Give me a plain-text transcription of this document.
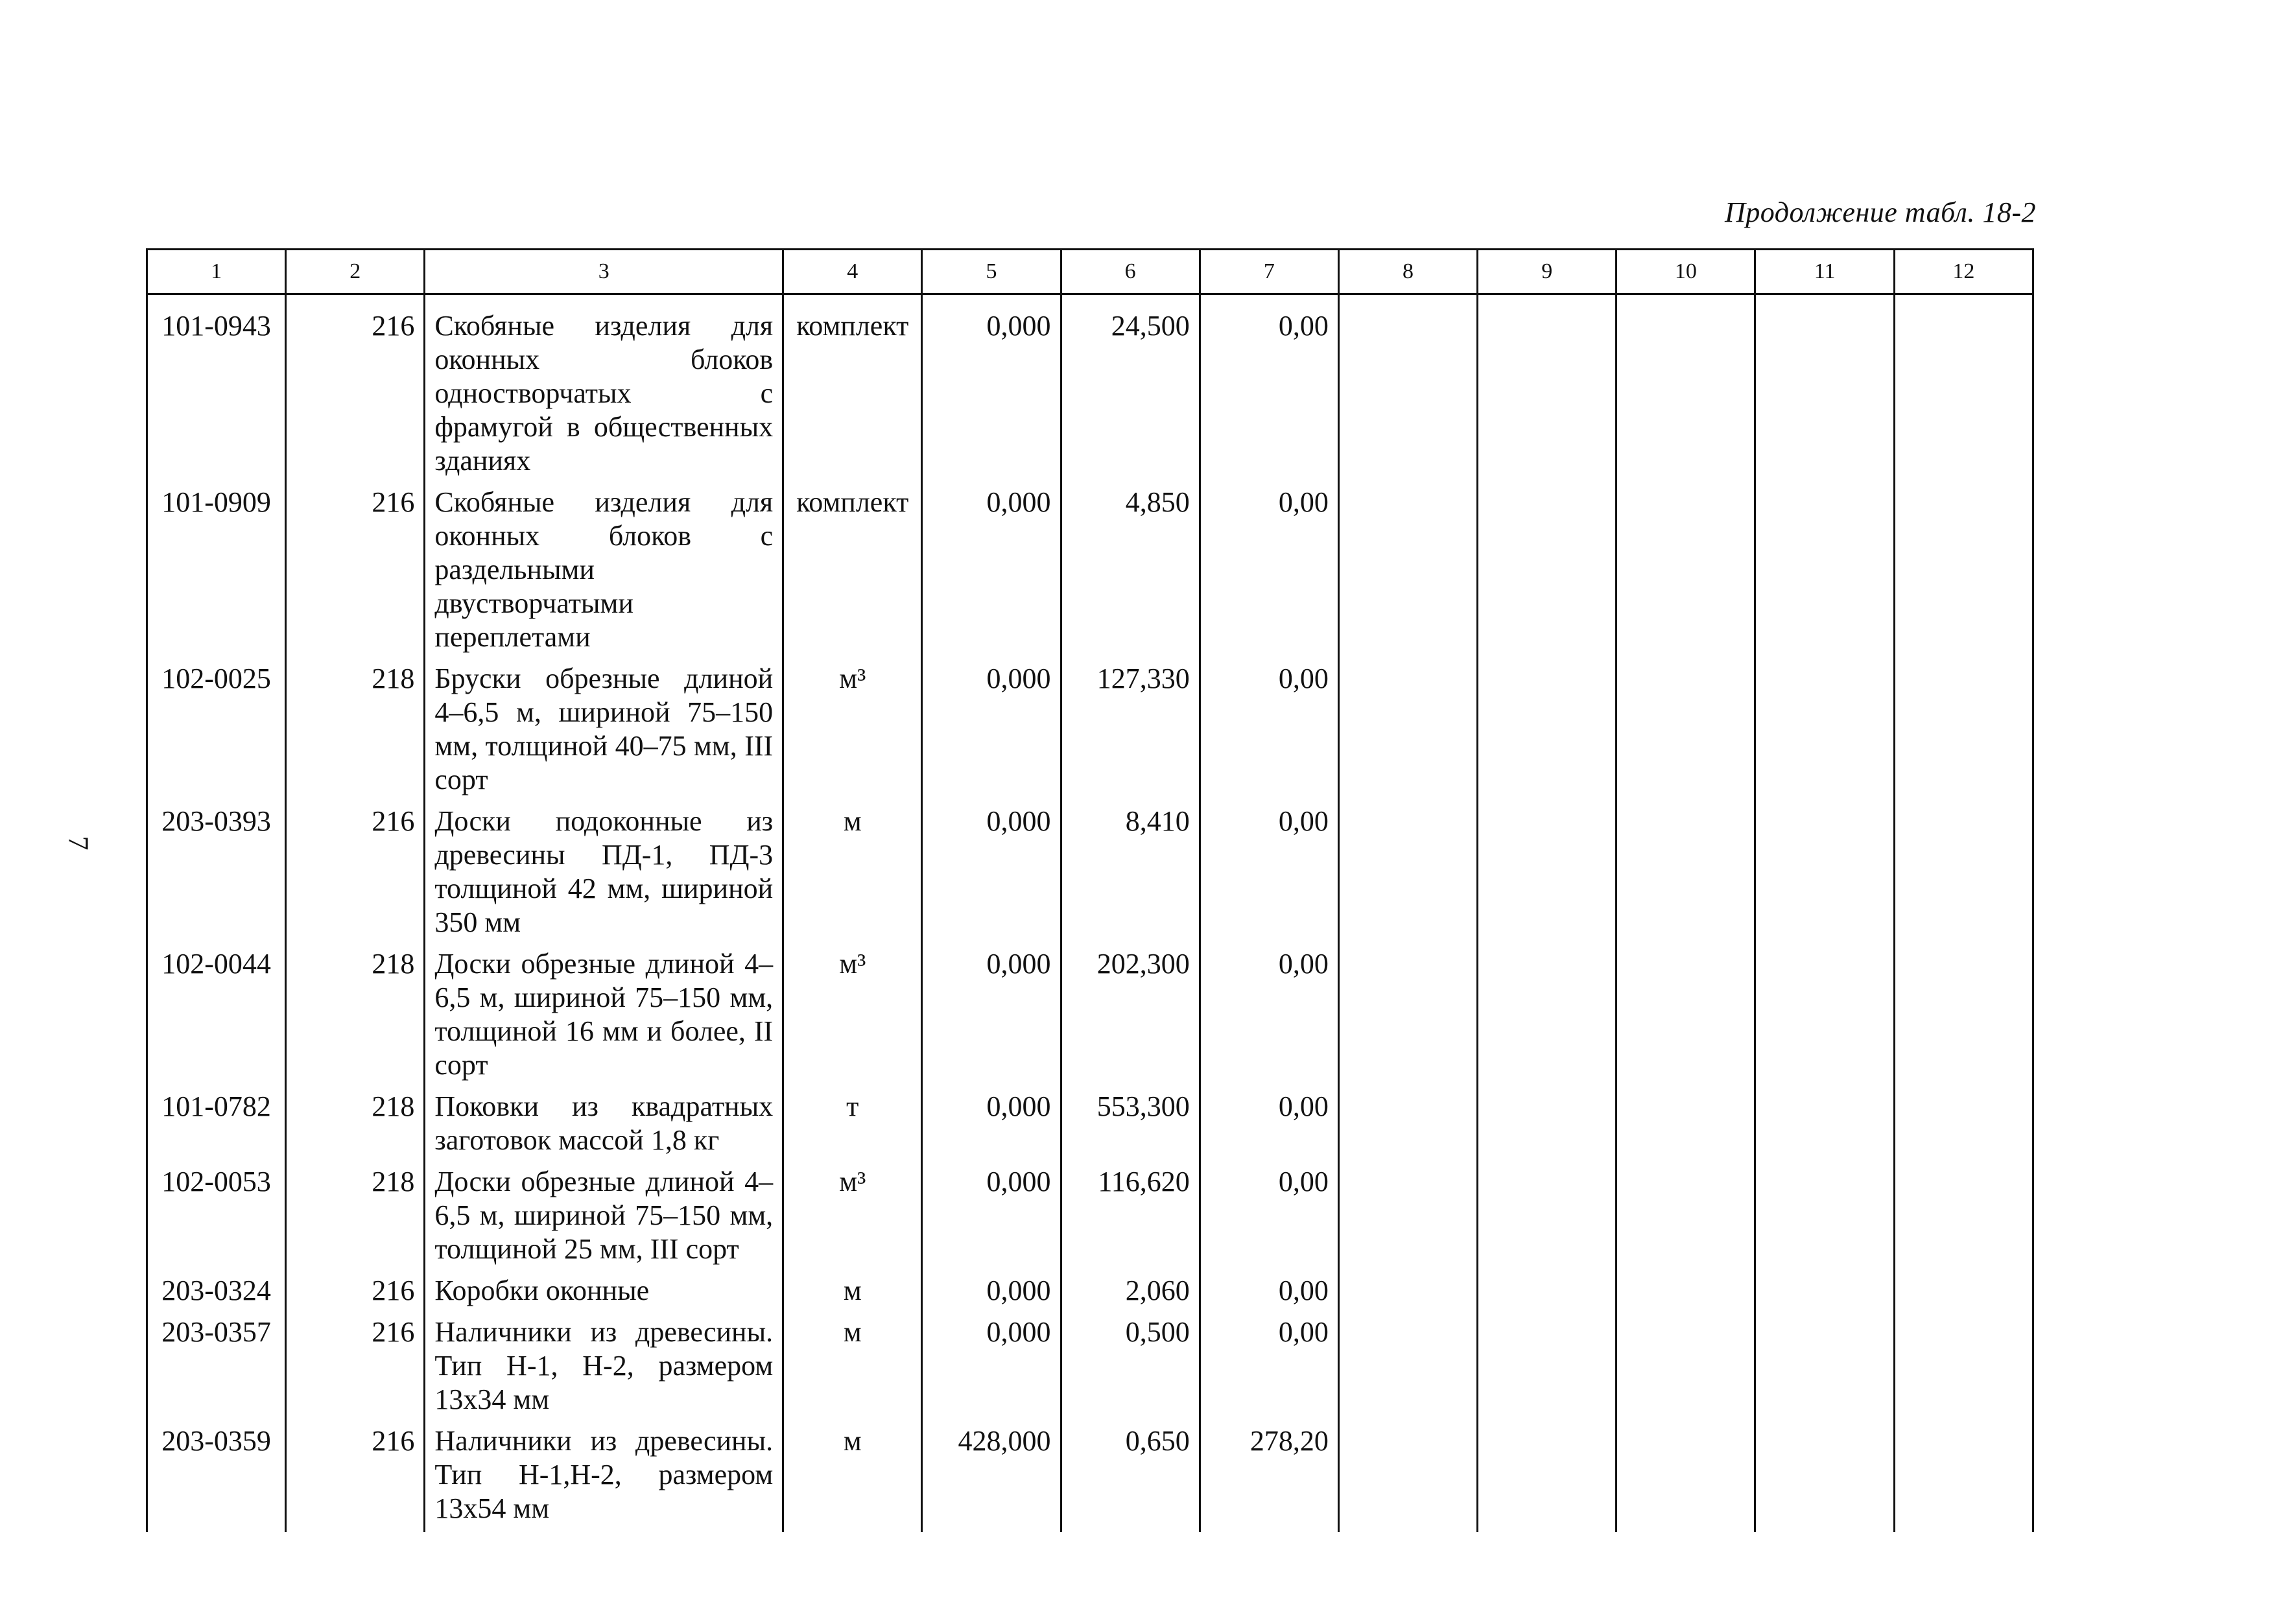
Продолжение табл. 18-2
7
1	2	3	4	5	6	7	8	9	10	11	12
101-0943	216	Скобяные изделия для оконных блоков одностворчатых с фрамугой в общественных зданиях	комплект	0,000	24,500	0,00					
101-0909	216	Скобяные изделия для оконных блоков с раздельными двустворчатыми переплетами	комплект	0,000	4,850	0,00					
102-0025	218	Бруски обрезные длиной 4–6,5 м, шириной 75–150 мм, толщиной 40–75 мм, III сорт	м³	0,000	127,330	0,00					
203-0393	216	Доски подоконные из древесины ПД-1, ПД-3 толщиной 42 мм, шириной 350 мм	м	0,000	8,410	0,00					
102-0044	218	Доски обрезные длиной 4–6,5 м, шириной 75–150 мм, толщиной 16 мм и более, II сорт	м³	0,000	202,300	0,00					
101-0782	218	Поковки из квадратных заготовок массой 1,8 кг	т	0,000	553,300	0,00					
102-0053	218	Доски обрезные длиной 4–6,5 м, шириной 75–150 мм, толщиной 25 мм, III сорт	м³	0,000	116,620	0,00					
203-0324	216	Коробки оконные	м	0,000	2,060	0,00					
203-0357	216	Наличники из древесины. Тип Н-1, Н-2, размером 13х34 мм	м	0,000	0,500	0,00					
203-0359	216	Наличники из древесины. Тип Н-1,Н-2, размером 13х54 мм	м	428,000	0,650	278,20					
